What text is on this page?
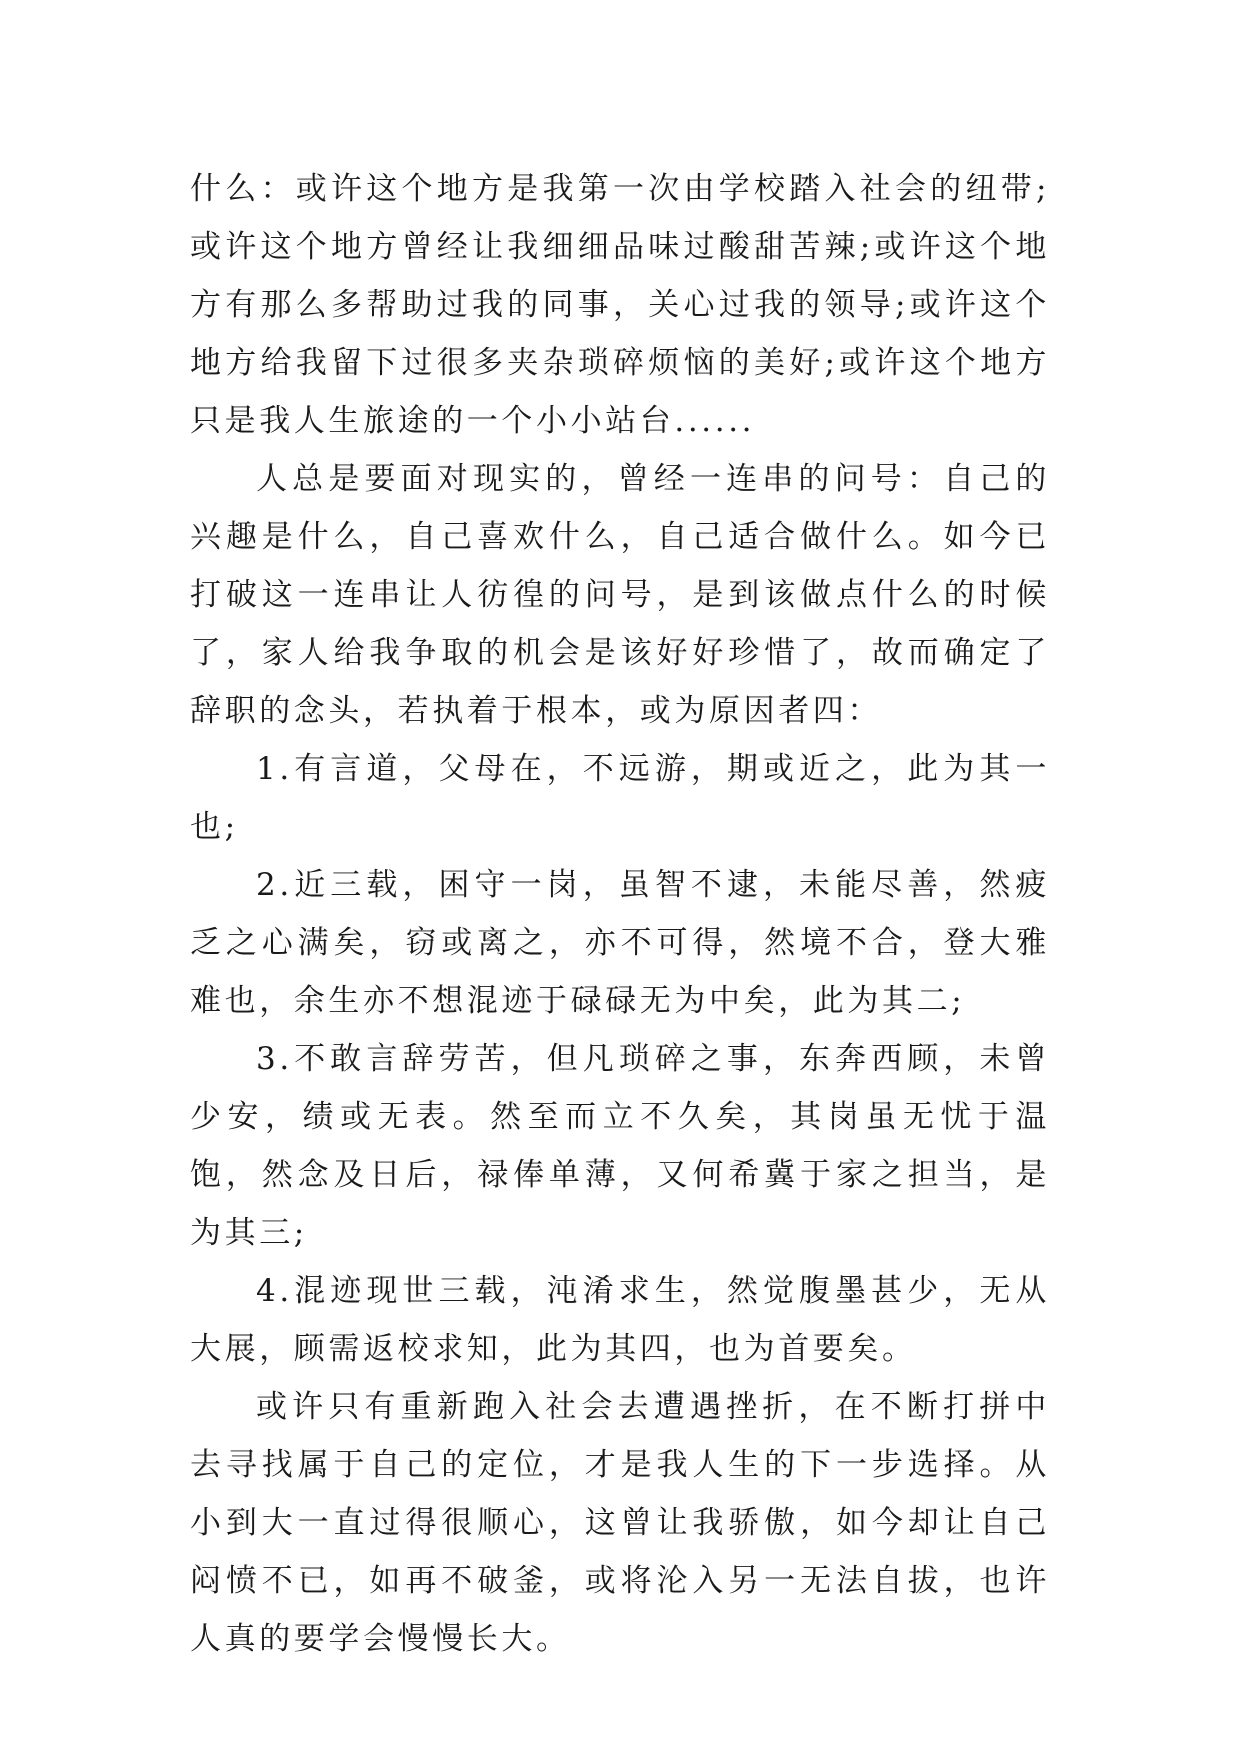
什么：或许这个地方是我第一次由学校踏入社会的纽带;或许这个地方曾经让我细细品味过酸甜苦辣;或许这个地方有那么多帮助过我的同事，关心过我的领导;或许这个地方给我留下过很多夹杂琐碎烦恼的美好;或许这个地方只是我人生旅途的一个小小站台......

人总是要面对现实的，曾经一连串的问号：自己的兴趣是什么，自己喜欢什么，自己适合做什么。如今已打破这一连串让人彷徨的问号，是到该做点什么的时候了，家人给我争取的机会是该好好珍惜了，故而确定了辞职的念头，若执着于根本，或为原因者四：

1.有言道，父母在，不远游，期或近之，此为其一也;

2.近三载，困守一岗，虽智不逮，未能尽善，然疲乏之心满矣，窃或离之，亦不可得，然境不合，登大雅难也，余生亦不想混迹于碌碌无为中矣，此为其二;

3.不敢言辞劳苦，但凡琐碎之事，东奔西顾，未曾少安，绩或无表。然至而立不久矣，其岗虽无忧于温饱，然念及日后，禄俸单薄，又何希冀于家之担当，是为其三;

4.混迹现世三载，沌淆求生，然觉腹墨甚少，无从大展，顾需返校求知，此为其四，也为首要矣。

或许只有重新跑入社会去遭遇挫折，在不断打拼中去寻找属于自己的定位，才是我人生的下一步选择。从小到大一直过得很顺心，这曾让我骄傲，如今却让自己闷愤不已，如再不破釜，或将沦入另一无法自拔，也许人真的要学会慢慢长大。
